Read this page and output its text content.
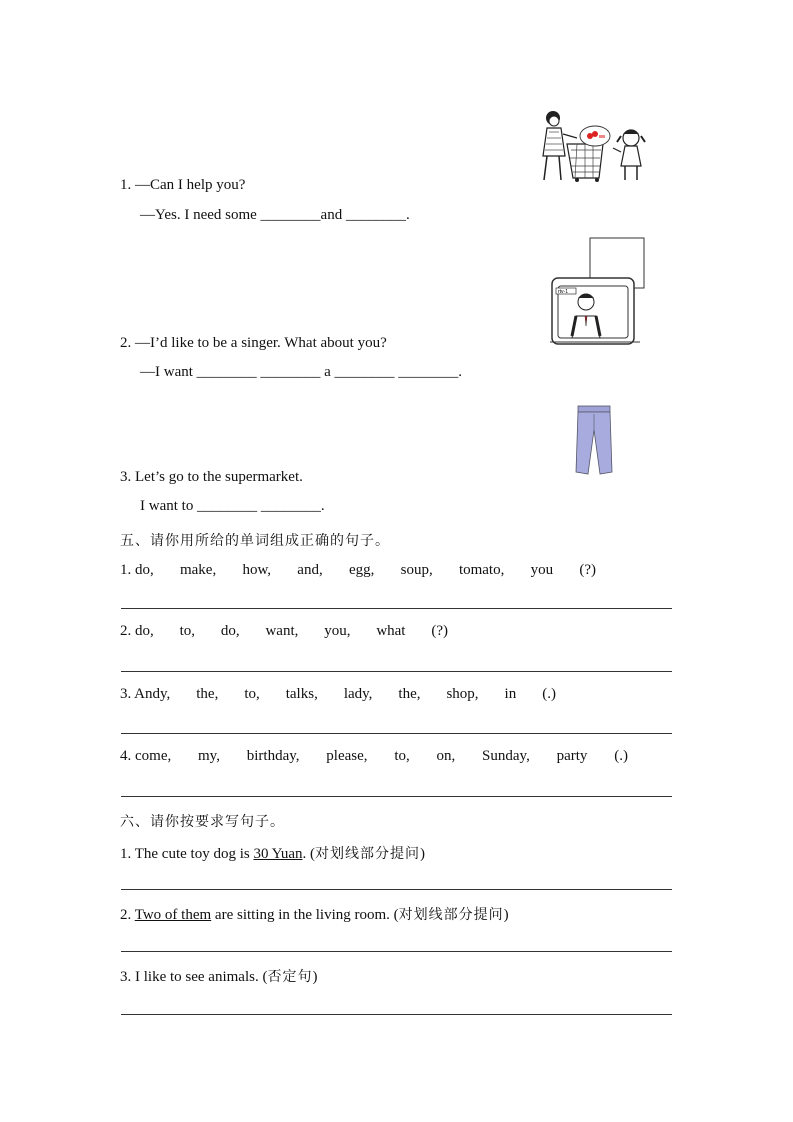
1. —Can I help you?
—Yes. I need some ________and ________.
rtv-1
2. —I’d like to be a singer. What about you?
—I want ________ ________ a ________ ________.
3. Let’s go to the supermarket.
I want to ________ ________.
五、请你用所给的单词组成正确的句子。
1. do, make, how, and, egg, soup, tomato, you (?)
2. do, to, do, want, you, what (?)
3. Andy, the, to, talks, lady, the, shop, in (.)
4. come, my, birthday, please, to, on, Sunday, party (.)
六、请你按要求写句子。
1. The cute toy dog is 30 Yuan. (对划线部分提问)
2. Two of them are sitting in the living room. (对划线部分提问)
3. I like to see animals. (否定句)
